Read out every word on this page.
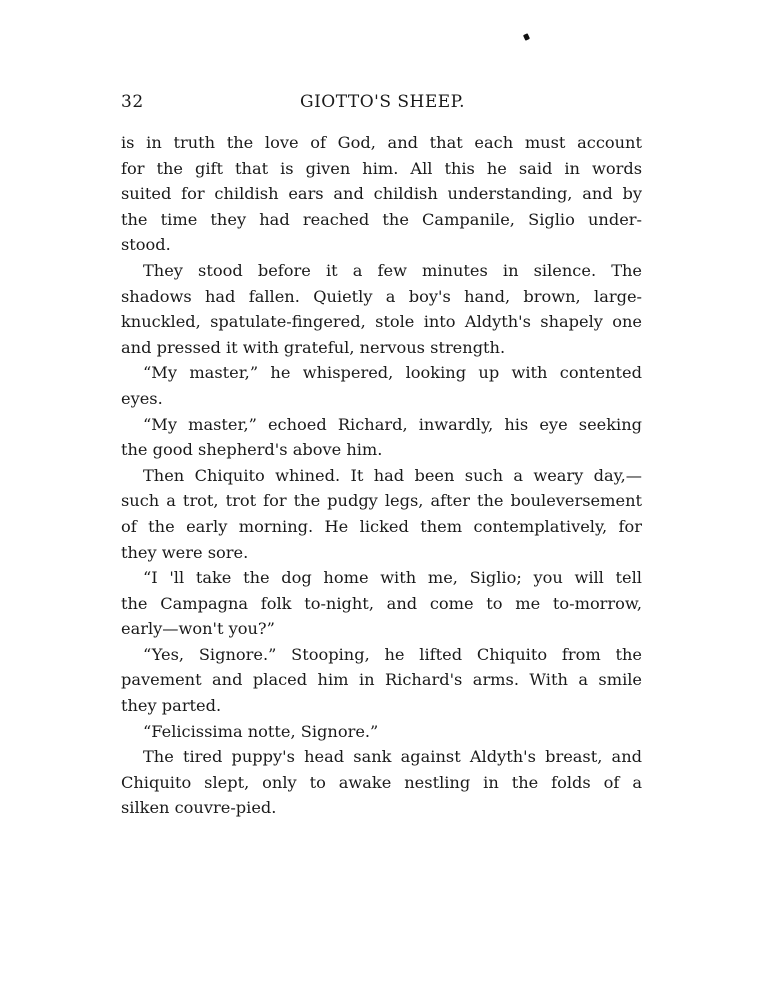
32	GIOTTO'S SHEEP.
is in truth the love of God, and that each must account
for the gift that is given him. All this he said in words
suited for childish ears and childish understanding, and by
the time they had reached the Campanile, Siglio under-
stood.
They stood before it a few minutes in silence. The
shadows had fallen. Quietly a boy's hand, brown, large-
knuckled, spatulate-fingered, stole into Aldyth's shapely one
and pressed it with grateful, nervous strength.
“My master,” he whispered, looking up with contented
eyes.
“My master,” echoed Richard, inwardly, his eye seeking
the good shepherd's above him.
Then Chiquito whined. It had been such a weary day,—
such a trot, trot for the pudgy legs, after the bouleversement
of the early morning. He licked them contemplatively, for
they were sore.
“I 'll take the dog home with me, Siglio; you will tell
the Campagna folk to-night, and come to me to-morrow,
early—won't you?”
“Yes, Signore.” Stooping, he lifted Chiquito from the
pavement and placed him in Richard's arms. With a smile
they parted.
“Felicissima notte, Signore.”
The tired puppy's head sank against Aldyth's breast, and
Chiquito slept, only to awake nestling in the folds of a
silken couvre-pied.
